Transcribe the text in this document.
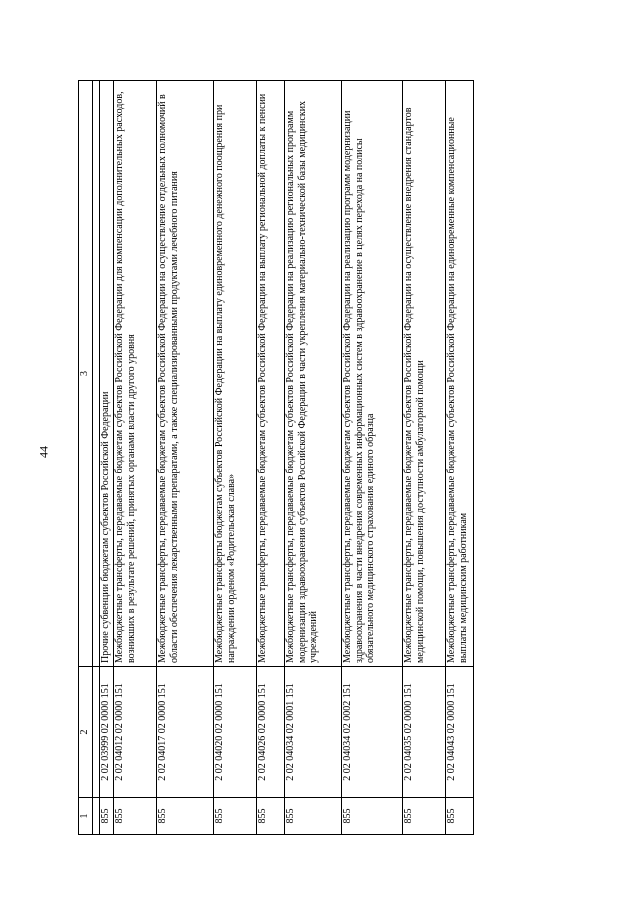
44
1	2	3

855	2 02 03999 02 0000 151	Прочие субвенции бюджетам субъектов Российской Федерации
855	2 02 04012 02 0000 151	Межбюджетные трансферты, передаваемые бюджетам субъектов Российской Федерации для компенсации дополнительных расходов, возникших в результате решений, принятых органами власти другого уровня
855	2 02 04017 02 0000 151	Межбюджетные трансферты, передаваемые бюджетам субъектов Российской Федерации на осуществление отдельных полномочий в области обеспечения лекарственными препаратами, а также специализированными продуктами лечебного питания
855	2 02 04020 02 0000 151	Межбюджетные трансферты бюджетам субъектов Российской Федерации на выплату единовременного денежного поощрения при награждении орденом «Родительская слава»
855	2 02 04026 02 0000 151	Межбюджетные трансферты, передаваемые бюджетам субъектов Российской Федерации на выплату региональной доплаты к пенсии
855	2 02 04034 02 0001 151	Межбюджетные трансферты, передаваемые бюджетам субъектов Российской Федерации на реализацию региональных программ модернизации здравоохранения субъектов Российской Федерации в части укрепления материально-технической базы медицинских учреждений
855	2 02 04034 02 0002 151	Межбюджетные трансферты, передаваемые бюджетам субъектов Российской Федерации на реализацию программ модернизации здравоохранения в части внедрения современных информационных систем в здравоохранение в целях перехода на полисы обязательного медицинского страхования единого образца
855	2 02 04035 02 0000 151	Межбюджетные трансферты, передаваемые бюджетам субъектов Российской Федерации на осуществление внедрения стандартов медицинской помощи, повышения доступности амбулаторной помощи
855	2 02 04043 02 0000 151	Межбюджетные трансферты, передаваемые бюджетам субъектов Российской Федерации на единовременные компенсационные выплаты медицинским работникам
